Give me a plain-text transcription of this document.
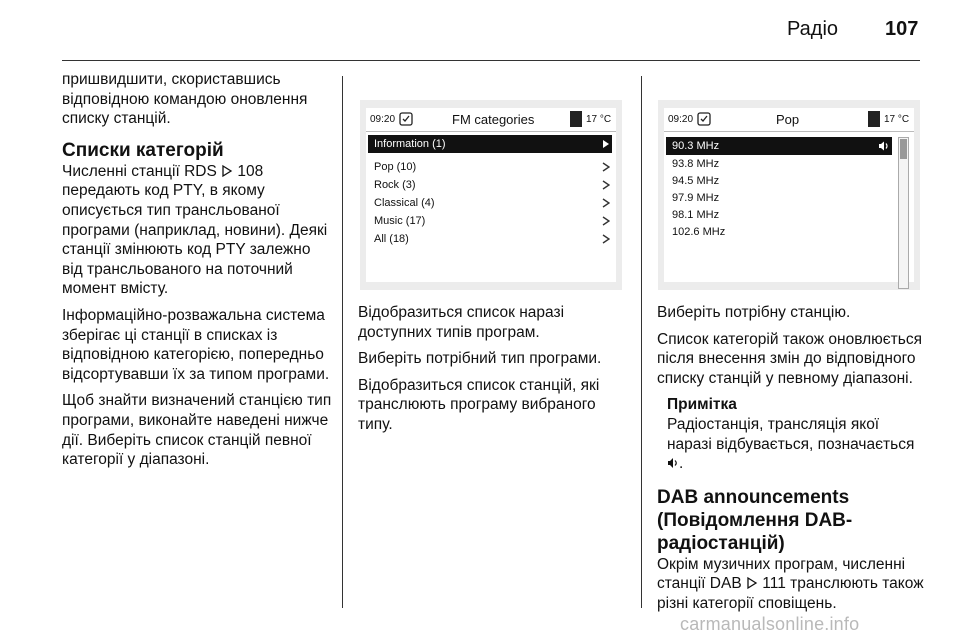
Радіо 107

пришвидшити, скориставшись відповідною командою оновлення списку станцій.

Списки категорій

Численні станції RDS 108 передають код PTY, в якому описується тип трансльованої програми (наприклад, новини). Деякі станції змінюють код PTY залежно від трансльованого на поточний момент вмісту.

Інформаційно-розважальна система зберігає ці станції в списках із відповідною категорією, попередньо відсортувавши їх за типом програми.

Щоб знайти визначений станцією тип програми, виконайте наведені нижче дії. Виберіть список станцій певної категорії у діапазоні.

09:20	FM categories	17 °C
Information (1)
Pop (10)
Rock (3)
Classical (4)
Music (17)
All (18)

Відобразиться список наразі доступних типів програм.

Виберіть потрібний тип програми.

Відобразиться список станцій, які транслюють програму вибраного типу.

09:20	Pop	17 °C
90.3 MHz
93.8 MHz
94.5 MHz
97.9 MHz
98.1 MHz
102.6 MHz

Виберіть потрібну станцію.

Список категорій також оновлюється після внесення змін до відповідного списку станцій у певному діапазоні.

Примітка
Радіостанція, трансляція якої наразі відбувається, позначається .
DAB announcements
(Повідомлення DAB-
радіостанцій)

Окрім музичних програм, численні станції DAB 111 транслюють також різні категорії сповіщень.

carmanualsonline.info
